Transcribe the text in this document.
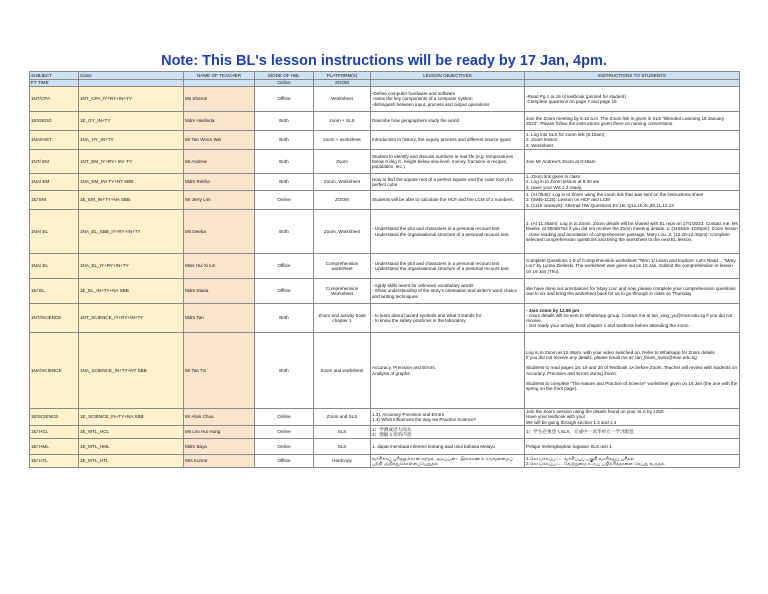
Note: This BL's lesson instructions will be ready by 17 Jan, 4pm.
SUBJECT	Class	NAME OF TEACHER	MODE OF HBL	PLATFORM(S)	LESSON OBJECTIVES	INSTRUCTIONS TO STUDENTS
FT TIME			Online	ZOOM		
1NT/CPA	1NT_CPA_IY+RY+IN+TY	Ms Sharon	Offline	Worksheet	-Define computer hardware and software
-name the key components of a computer system
-distinguish between input, process and output operations	-Read Pg 1 to 16 of textbook (printed for student)
-Complete questions on page 7 and page 15

1E/GEOG	1E_GY_IN+TY	Mdm Haslinda	Both	zoom + SLS	Describe how geographers study the world	Join the Zoom meeting by 8.15 a.m. The Zoom link is given in SLS "Blended Learning 18 January 2023". Please follow the instructions given there on naming conventions.

1NA/HIST	1NA_HY_IN+TY	Mr Tan Woon Wei	Both	zoom + worksheet	Introduction to history, the inquiry process and different source types	1. Log into SLS for zoom link (8.15am)
2. Zoom lesson
3. Worksheet

1NT/ EM	1NT_EM_IY+RY+ IN+ TY	Mr Andrew	Both	Zoom	Student to identify and discuss numbers in real life (e.g. temperatures below 0 deg C, height below sea-level, money, fractions in recipes, population, etc.)	Join Mr Andrew's Zoom at 9:45am

1NA/ EM	1NA_EM_IN+TY+NT SBB	Mdm Rekha	Both	Zoom, Worksheet	How to find the square root of a perfect square and the cube root of a perfect cube	1. Zoom link given in class
2. Log in to Zoom lesson at 9.30 am
3. Have your WS 1.2 ready.

1E/ EM	1E_EM_IN+TY+NA SBB	Mr Jerry Lim	Online	ZOOM	Students will be able to calculate the HCF and the LCM of 2 numbers.	1. (At 0945): Log in to Zoom using the zoom link that was sent on the instructions sheet
2. (0945-1115): Lesson on HCF and LCM
3. (1115 onwards): Attempt HW Questions Ex 1B: Q1a,1b,4c,6b,11,12,13

1NA/ EL	1NA_EL_SBB_IY+RY+IN+TY	Ms Deeba	Both	Zoom, Worksheet	- Understand the plot and characters in a personal recount text
- Understand the organisational structure of a personal recount text.	1. (At 11.45am): Log in to Zoom. Zoom details will be shared with EL reps on 17/1/2023. Contact me, Ms Deeba, at 90068752 if you did not receive the Zoom meeting details. 2. (1155am-1220pm): Zoom lesson - close reading and annotation of comprehension passage, Mary Lou. 3. (12.20-12.45pm): Complete selected comprehension questions and bring the worksheet to the next EL lesson.

1NA/ EL	1NA_EL_IY+RY+IN+TY	Miss Hui Xi Lin	Offline	Comprehension worksheet	- Understand the plot and characters in a personal recount text
- Understand the organisational structure of a personal recount text.	Complete Questions 1-8 of Comprehension worksheet "Term 1/ Learn and Explore: Let's Read… "Mary Lou" by Lynne Zielinski. The worksheet was given out on 16 Jan. Submit the comprehension in lesson on 19 Jan (Thu).

1E/ EL	1E_EL_IN+TY+NA SBB	Mdm Diana	Offline	Comprehension Worksheet	- Apply skills learnt for unknown vocabulary words
- Show understanding of the story's orientation and writer's word choice and writing techniques.	We have done our annotations for 'Mary Lou' and now, please complete your comprehension questions one to six and bring the worksheet back for us to go through in class on Thursday

1NT/SCIENCE	1NT_SCIENCE_IY+RY+IN+TY	Mdm Tan	Both	Zoom and activity book chapter 1	- to learn about hazard symbols and what it stands for
- to know the safety practices in the laboratory	- Join zoom by 12.50 pm
- zoom details will be sent to WhatsApp group. Contact me at tan_xing_yu@moe.edu.sg if you did not receive.
- Get ready your activity book chapter 1 and textbook before attending the zoom.

1NA/SCIENCE	1NA_SCIENCE_IN+TY+NT SBB	Mr Tan TS	Both	Zoom and worksheet	Accuracy, Precision and Errors.
Analysis of graphs.	Log in to Zoom at 12.45pm, with your video switched on. Refer to Whatsapp for Zoom details
If you did not receive any details, please email me at: tan_thiam_soon@moe.edu.sg

Students to read pages 18, 19 and 20 of Textbook 1A before Zoom. Teacher will review with students on Accuracy, Precision and Errors during Zoom.

Students to complete "The Nature and Practice of Science" worksheet given on 16 Jan (the one with the spring on the front page).

1E/SCIENCE	1E_SCIENCE_IN+TY+NA SBB	Mr Alvin Chua	Online	Zoom and SLS	1.3). Accuracy Precision and Errors
1.4) What influences the way we Practice Science?	Join the Zoom session using the details found on your SLS by 1250.
Have your textbook with you!
We will be going through section 1.3 and 1.4

1E/ HCL	1E_MTL_HCL	Ms Lim Hui Hung	Online	SLS	1）学测成语大闯关
2）理解文章的内容	1）学生必须登入SLS，完成中一高华单元一学习配套

1E/ HML	1E_MTL_HML	Mdm Baya	Online	SLS	1. dapat membuat inferens tentang asal usul bahasa Melayu	Pelajar melengkapkan tugasan SLS unit 1.

1E/ HTL	1E_MTL_HTL	Mrs Kumar	Offline	Hardcopy	வாசிக்கப் புரிதலுக்கான கற்றல் அடிப்படை இலக்கணம் கருவளமைப் பற்றி அறிந்துகொள்ளப்பெறுதல்	1.கொடுக்கப்பட்ட வாசிப்புப் பகுதி வாசித்துப் புரிதல்
2.கொடுக்கப்பட்ட வேற்றுமை உருபு பயிற்சித்தாளை செய்து வருதல்
